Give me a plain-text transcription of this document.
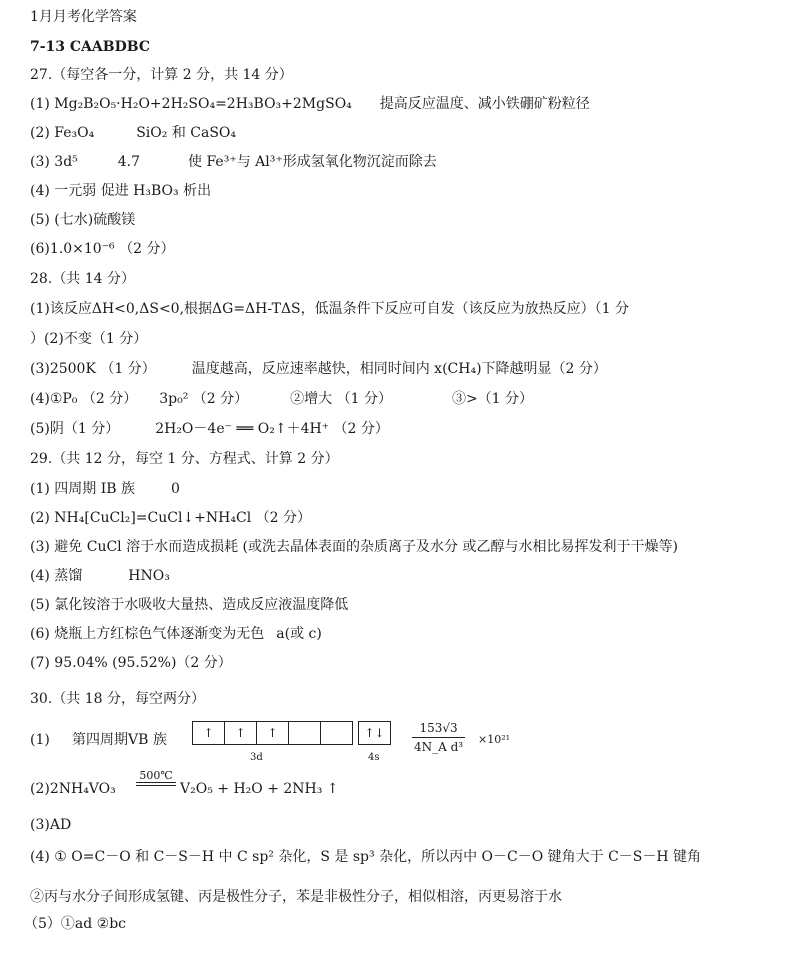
1月月考化学答案
7-13 CAABDBC
27.（每空各一分，计算 2 分，共 14 分）
(1) Mg₂B₂O₅·H₂O+2H₂SO₄=2H₃BO₃+2MgSO₄ 提高反应温度、减小铁硼矿粉粒径
(2) Fe₃O₄	SiO₂ 和 CaSO₄
(3) 3d⁵	4.7	使 Fe³⁺与 Al³⁺形成氢氧化物沉淀而除去
(4) 一元弱 促进 H₃BO₃ 析出
(5) (七水)硫酸镁
(6)1.0×10⁻⁶ （2 分）
28.（共 14 分）
(1)该反应ΔH<0,ΔS<0,根据ΔG=ΔH-TΔS，低温条件下反应可自发（该反应为放热反应）（1 分
）(2)不变（1 分）
(3)2500K （1 分）	温度越高，反应速率越快，相同时间内 x(CH₄)下降越明显（2 分）
(4)①P₀ （2 分） 3p₀² （2 分）	②增大 （1 分）	③>（1 分）
(5)阴（1 分）	2H₂O－4e⁻ ══ O₂↑＋4H⁺ （2 分）
29.（共 12 分，每空 1 分、方程式、计算 2 分）
(1) 四周期 IB 族	0
(2) NH₄[CuCl₂]=CuCl↓+NH₄Cl （2 分）
(3) 避免 CuCl 溶于水而造成损耗 (或洗去晶体表面的杂质离子及水分 或乙醇与水相比易挥发利于干燥等)
(4) 蒸馏	HNO₃
(5) 氯化铵溶于水吸收大量热、造成反应液温度降低
(6) 烧瓶上方红棕色气体逐渐变为无色 a(或 c)
(7) 95.04% (95.52%)（2 分）
30.（共 18 分，每空两分）
(1) 第四周期VB 族	↑	↑	↑
3d
↑↓
4s
$\frac{153√3}{\text{4N\_A d³}} \times 10^{21}$
(2)2NH₄VO₃
500℃
V₂O₅ + H₂O + 2NH₃ ↑
(3)AD
(4) ① O=C－O 和 C－S－H 中 C sp² 杂化，S 是 sp³ 杂化，所以丙中 O－C－O 键角大于 C－S－H 键角
②丙与水分子间形成氢键、丙是极性分子，苯是非极性分子，相似相溶，丙更易溶于水
（5）①ad ②bc
